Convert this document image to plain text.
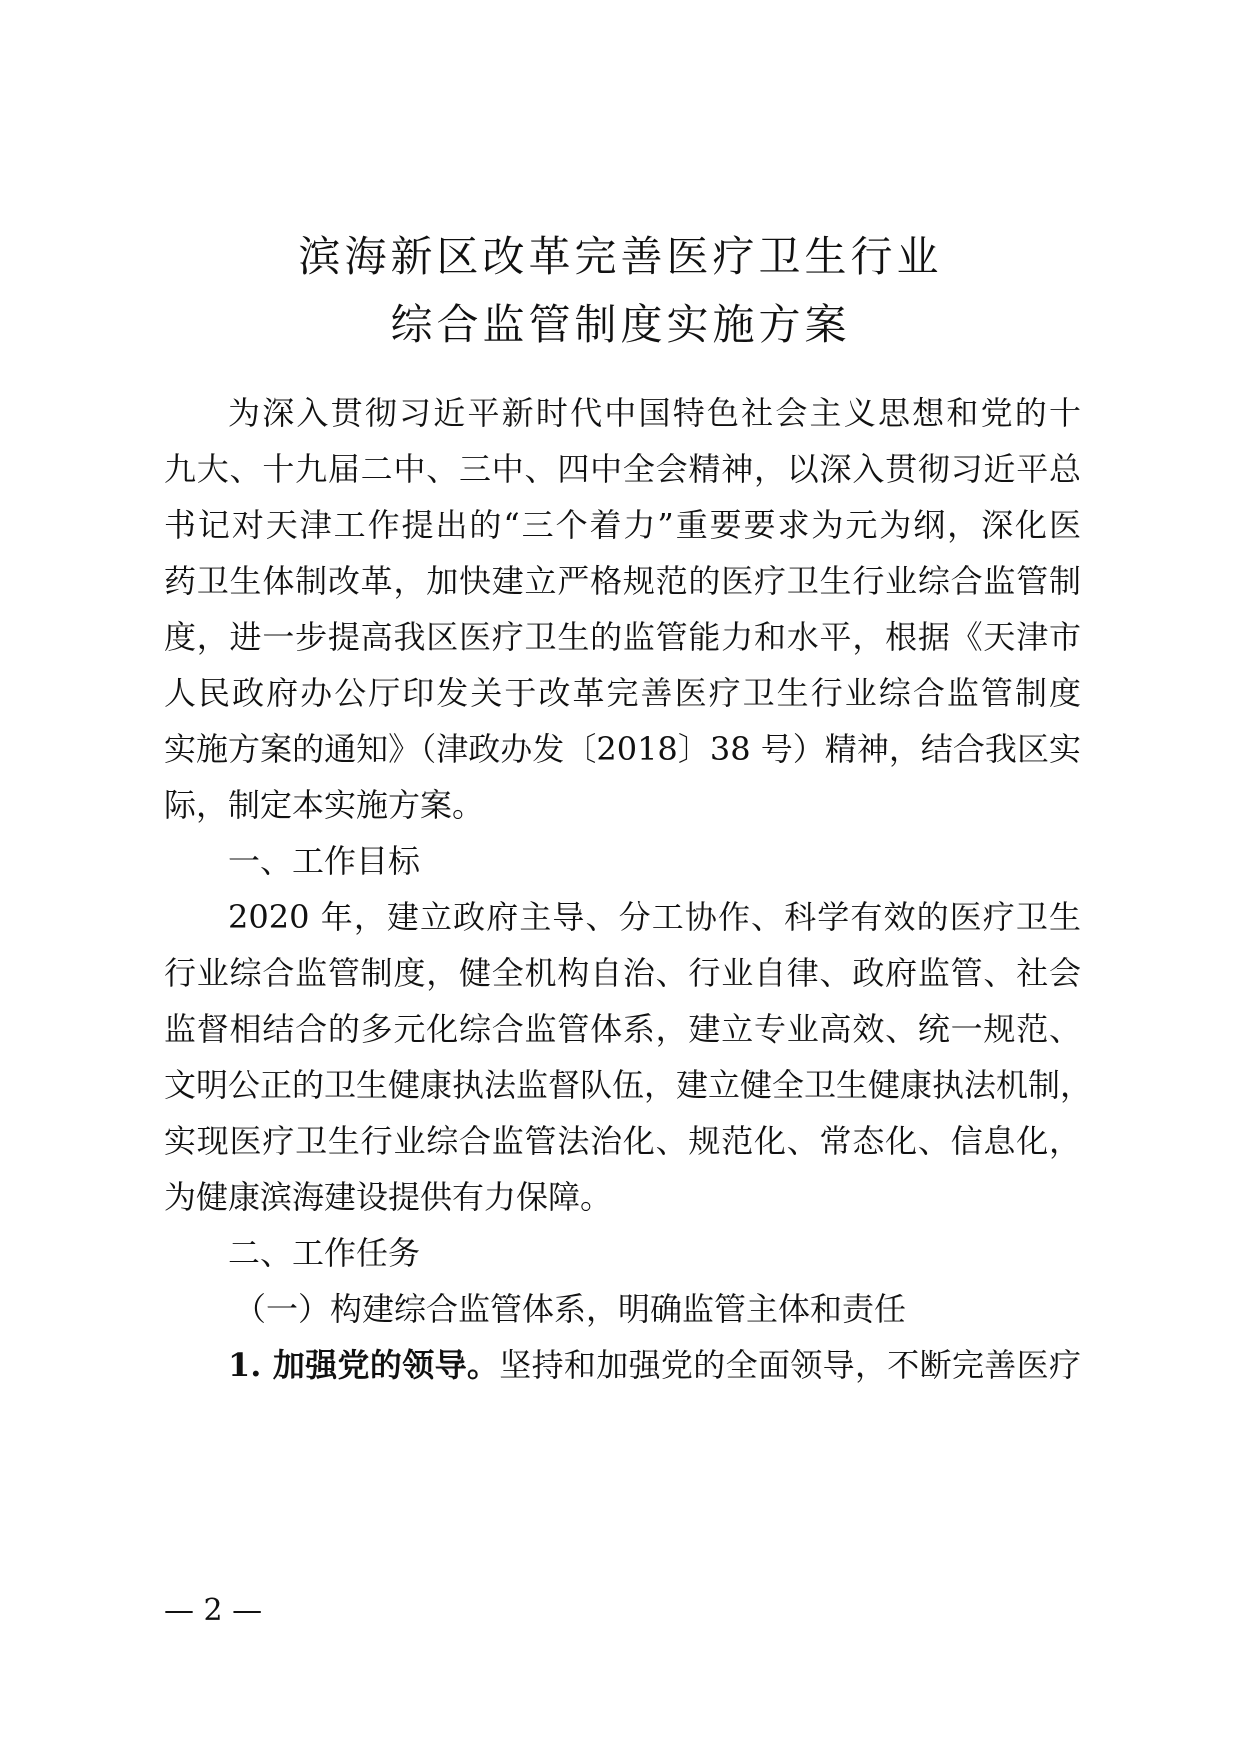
滨海新区改革完善医疗卫生行业
综合监管制度实施方案
为深入贯彻习近平新时代中国特色社会主义思想和党的十
九大、十九届二中、三中、四中全会精神，以深入贯彻习近平总
书记对天津工作提出的“三个着力”重要要求为元为纲，深化医
药卫生体制改革，加快建立严格规范的医疗卫生行业综合监管制
度，进一步提高我区医疗卫生的监管能力和水平，根据《天津市
人民政府办公厅印发关于改革完善医疗卫生行业综合监管制度
实施方案的通知》（津政办发〔2018〕38 号）精神，结合我区实
际，制定本实施方案。
一、工作目标
2020 年，建立政府主导、分工协作、科学有效的医疗卫生
行业综合监管制度，健全机构自治、行业自律、政府监管、社会
监督相结合的多元化综合监管体系，建立专业高效、统一规范、
文明公正的卫生健康执法监督队伍，建立健全卫生健康执法机制，
实现医疗卫生行业综合监管法治化、规范化、常态化、信息化，
为健康滨海建设提供有力保障。
二、工作任务
（一）构建综合监管体系，明确监管主体和责任
1. 加强党的领导。坚持和加强党的全面领导，不断完善医疗
— 2 —
